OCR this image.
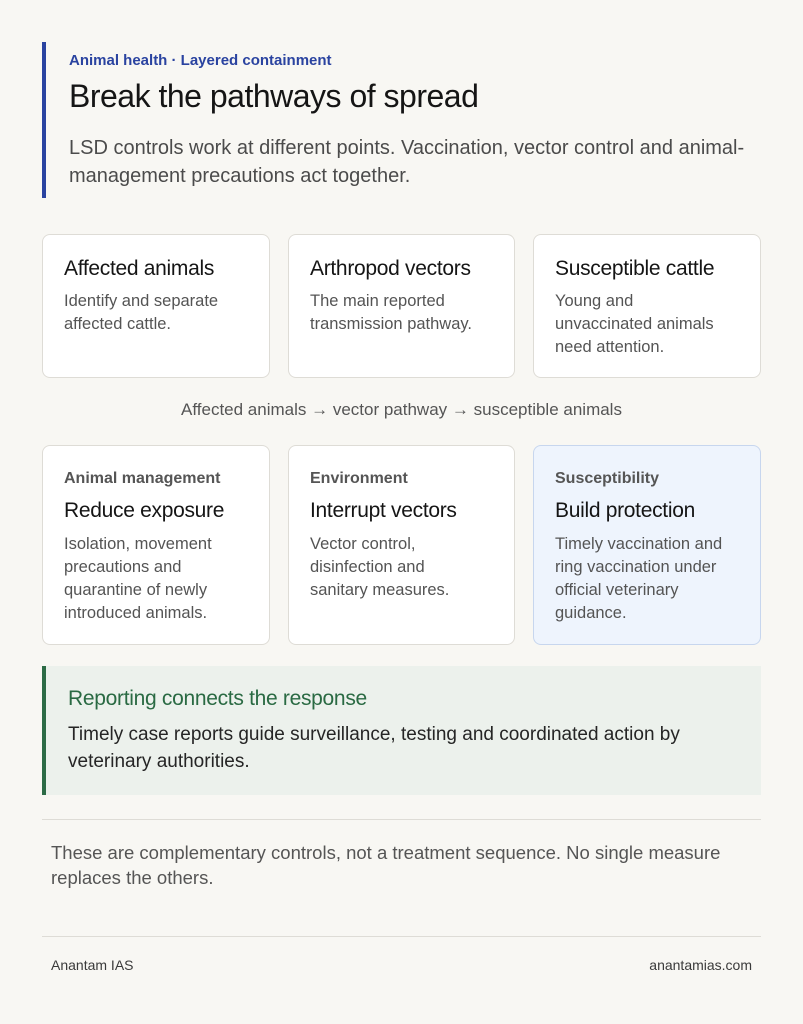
Animal health · Layered containment
Break the pathways of spread

LSD controls work at different points. Vaccination, vector control and animal-management precautions act together.

Affected animals
Identify and separate affected cattle.
Arthropod vectors
The main reported transmission pathway.
Susceptible cattle
Young and unvaccinated animals need attention.
Affected animals → vector pathway → susceptible animals
Animal management
Reduce exposure
Isolation, movement precautions and quarantine of newly introduced animals.
Environment
Interrupt vectors
Vector control, disinfection and sanitary measures.
Susceptibility
Build protection
Timely vaccination and ring vaccination under official veterinary guidance.
Reporting connects the response
Timely case reports guide surveillance, testing and coordinated action by veterinary authorities.

These are complementary controls, not a treatment sequence. No single measure replaces the others.

Anantam IAS	anantamias.com
